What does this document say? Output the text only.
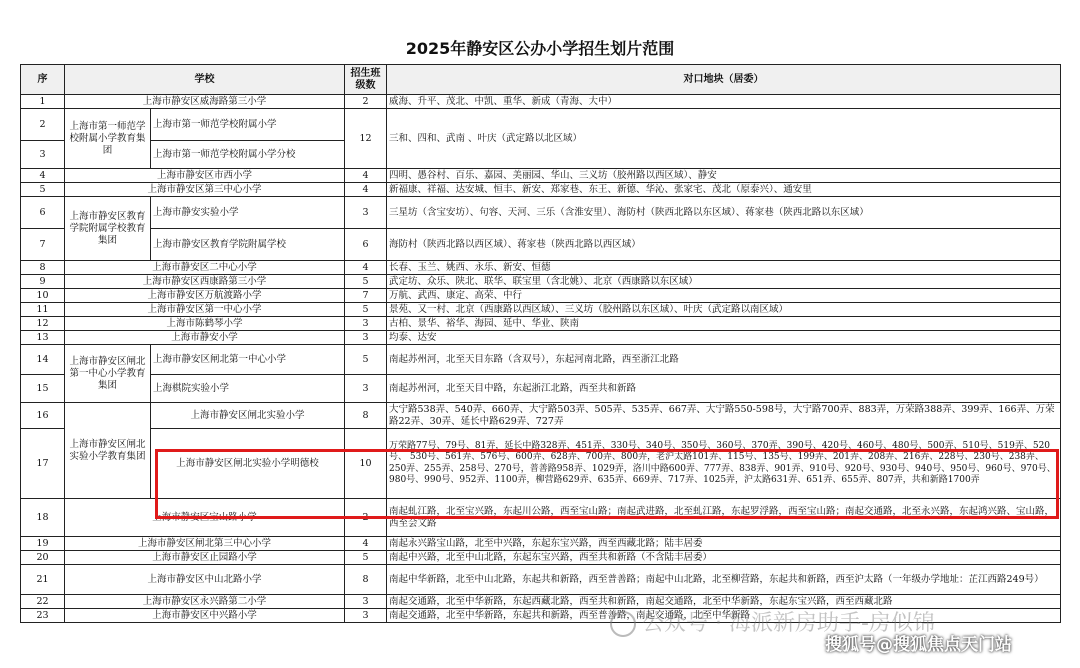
2025年静安区公办小学招生划片范围
序	学校		招生班级数	对口地块（居委）
1	上海市静安区威海路第三小学		2	威海、升平、茂北、中凯、重华、新成（青海、大中）
2	上海市第一师范学校附属小学教育集团	上海市第一师范学校附属小学	12	三和、四和、武南 、叶庆（武定路以北区域）
3		上海市第一师范学校附属小学分校		
4	上海市静安区市西小学		4	四明、愚谷村、百乐、嘉园、美丽园、华山、三义坊（胶州路以西区域）、静安
5	上海市静安区第三中心小学		4	新福康、祥福、达安城、恒丰、新安、郑家巷、东王、新德、华沁、张家宅、茂北（原泰兴）、通安里
6	上海市静安区教育学院附属学校教育集团	上海市静安实验小学	3	三星坊（含宝安坊）、句容、天河、三乐（含淮安里）、海防村（陕西北路以东区域）、蒋家巷（陕西北路以东区域）
7		上海市静安区教育学院附属学校	6	海防村（陕西北路以西区域）、蒋家巷（陕西北路以西区域）
8	上海市静安区二中心小学		4	长春、玉兰、姚西、永乐、新安、恒德
9	上海市静安区西康路第三小学		5	武定坊、众乐、陕北、联华、联宝里（含北姚）、北京（西康路以东区域）
10	上海市静安区万航渡路小学		7	万航、武西、康定、高荣、中行
11	上海市静安区第一中心小学		5	景苑、又一村、北京（西康路以西区域）、三义坊（胶州路以东区域）、叶庆（武定路以南区域）
12	上海市陈鹤琴小学		3	古柏、景华、裕华、海园、延中、华业、陕南
13	上海市静安小学		3	均泰、达安
14	上海市静安区闸北第一中心小学教育集团	上海市静安区闸北第一中心小学	5	南起苏州河，北至天目东路（含双号），东起河南北路，西至浙江北路
15		上海棋院实验小学	3	南起苏州河，北至天目中路，东起浙江北路，西至共和新路
16	上海市静安区闸北实验小学教育集团	上海市静安区闸北实验小学	8	大宁路538弄、540弄、660弄、大宁路503弄、505弄、535弄、667弄、大宁路550-598号，大宁路700弄、883弄，万荣路388弄、399弄、166弄、万荣路22弄、30弄、延长中路629弄、727弄
17		上海市静安区闸北实验小学明德校	10	万荣路77号、79号、81弄，延长中路328弄、451弄、330号、340号、350号、360号、370弄、390号、420号、460号、480号、500弄、510号、519弄、520号、 530号、561弄、576号、600弄、628弄、700弄、800弄，老沪太路101弄、115号、135号、199弄、201弄、208弄、216弄、228号、230号、238弄、250弄、255弄、258号、270号，普善路958弄、1029弄，洛川中路600弄、777弄、838弄、901弄、910号、920号、930号、940号、950号、960号、970号、980号、990号、952弄、1100弄，柳营路629弄、635弄、669弄、717弄、1025弄，沪太路631弄、651弄、655弄、807弄，共和新路1700弄
18	上海市静安区宝山路小学		2	南起虬江路，北至宝兴路，东起川公路，西至宝山路；南起武进路，北至虬江路，东起罗浮路，西至宝山路；南起交通路，北至永兴路，东起鸿兴路、宝山路，西至会文路
19	上海市静安区闸北第三中心小学		4	南起永兴路宝山路，北至中兴路，东起东宝兴路，西至西藏北路；陆丰居委
20	上海市静安区止园路小学		5	南起中兴路，北至中山北路，东起东宝兴路，西至共和新路（不含陆丰居委）
21	上海市静安区中山北路小学		8	南起中华新路，北至中山北路，东起共和新路，西至普善路；南起中山北路，北至柳营路，东起共和新路，西至沪太路（一年级办学地址：芷江西路249号）
22	上海市静安区永兴路第二小学		3	南起交通路，北至中华新路，东起西藏北路，西至共和新路，南起交通路，北至中华新路，东起东宝兴路，西至西藏北路
23	上海市静安区中兴路小学		3	南起交通路，北至中华新路，东起共和新路，西至普善路，南起交通路，北至中华新路
公众号 · 海派新房助手-房似锦
搜狐号@搜狐焦点天门站
